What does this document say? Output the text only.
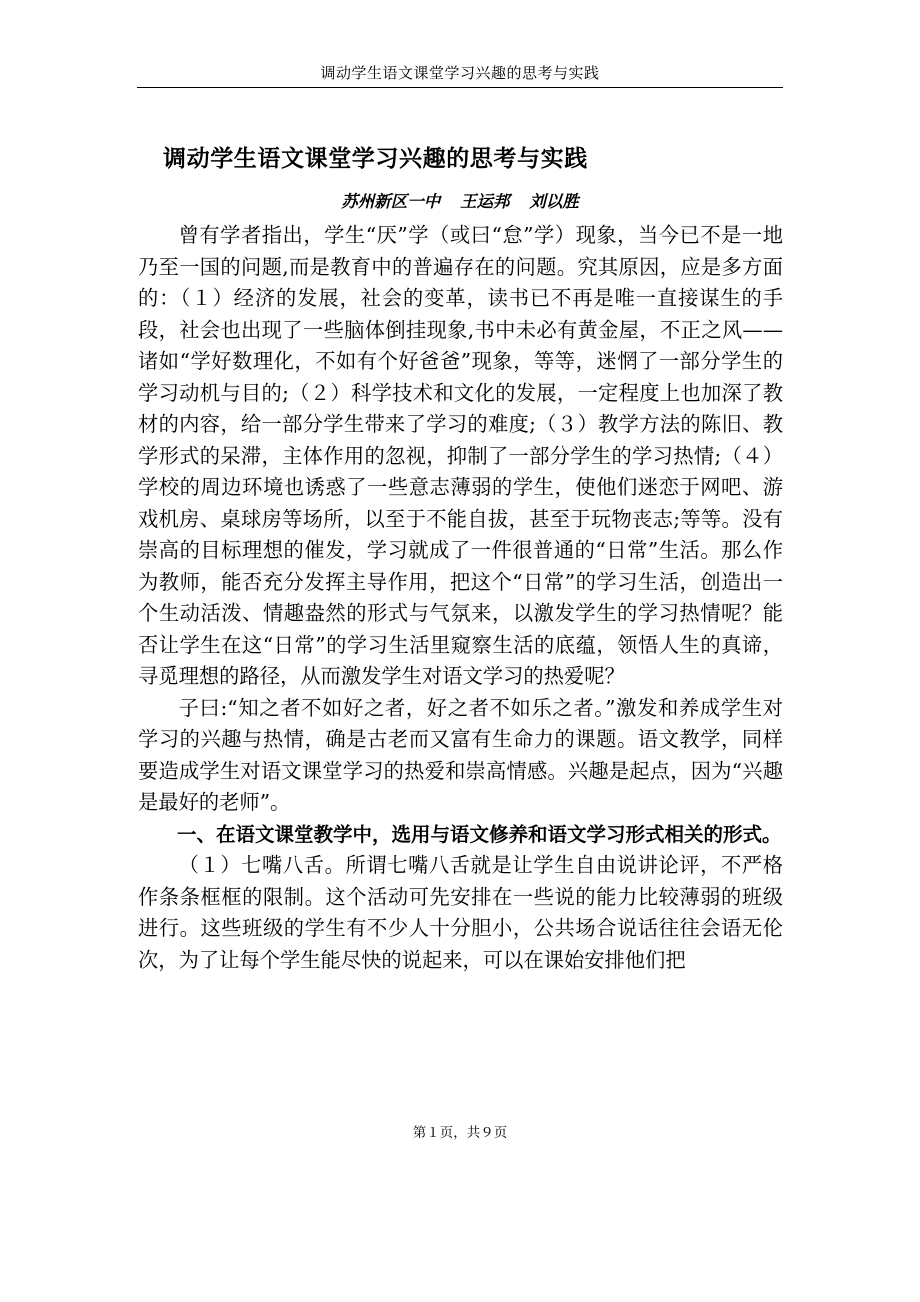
调动学生语文课堂学习兴趣的思考与实践
调动学生语文课堂学习兴趣的思考与实践
苏州新区一中 王运邦 刘以胜

曾有学者指出，学生“厌”学（或曰“怠”学）现象，当今已不是一地乃至一国的问题,而是教育中的普遍存在的问题。究其原因，应是多方面的：（１）经济的发展，社会的变革，读书已不再是唯一直接谋生的手段，社会也出现了一些脑体倒挂现象,书中未必有黄金屋，不正之风——诸如“学好数理化，不如有个好爸爸”现象，等等，迷惘了一部分学生的学习动机与目的;（２）科学技术和文化的发展，一定程度上也加深了教材的内容，给一部分学生带来了学习的难度;（３）教学方法的陈旧、教学形式的呆滞，主体作用的忽视，抑制了一部分学生的学习热情;（４）学校的周边环境也诱惑了一些意志薄弱的学生，使他们迷恋于网吧、游戏机房、桌球房等场所，以至于不能自拔，甚至于玩物丧志;等等。没有崇高的目标理想的催发，学习就成了一件很普通的“日常”生活。那么作为教师，能否充分发挥主导作用，把这个“日常”的学习生活，创造出一个生动活泼、情趣盎然的形式与气氛来，以激发学生的学习热情呢？能否让学生在这“日常”的学习生活里窥察生活的底蕴，领悟人生的真谛，寻觅理想的路径，从而激发学生对语文学习的热爱呢？

子曰:“知之者不如好之者，好之者不如乐之者。”激发和养成学生对学习的兴趣与热情，确是古老而又富有生命力的课题。语文教学，同样要造成学生对语文课堂学习的热爱和崇高情感。兴趣是起点，因为“兴趣是最好的老师”。

一、在语文课堂教学中，选用与语文修养和语文学习形式相关的形式。

（１）七嘴八舌。所谓七嘴八舌就是让学生自由说讲论评，不严格作条条框框的限制。这个活动可先安排在一些说的能力比较薄弱的班级进行。这些班级的学生有不少人十分胆小，公共场合说话往往会语无伦次，为了让每个学生能尽快的说起来，可以在课始安排他们把

第１页，共９页
